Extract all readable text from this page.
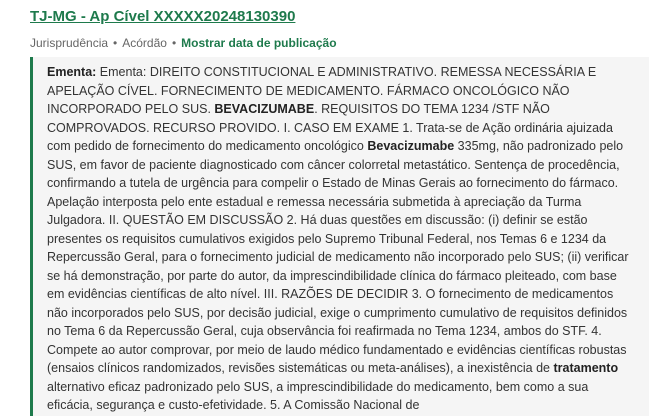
TJ-MG - Ap Cível XXXXX20248130390
Jurisprudência • Acórdão • Mostrar data de publicação

Ementa: Ementa: DIREITO CONSTITUCIONAL E ADMINISTRATIVO. REMESSA NECESSÁRIA E APELAÇÃO CÍVEL. FORNECIMENTO DE MEDICAMENTO. FÁRMACO ONCOLÓGICO NÃO INCORPORADO PELO SUS. BEVACIZUMABE. REQUISITOS DO TEMA 1234 /STF NÃO COMPROVADOS. RECURSO PROVIDO. I. CASO EM EXAME 1. Trata-se de Ação ordinária ajuizada com pedido de fornecimento do medicamento oncológico Bevacizumabe 335mg, não padronizado pelo SUS, em favor de paciente diagnosticado com câncer colorretal metastático. Sentença de procedência, confirmando a tutela de urgência para compelir o Estado de Minas Gerais ao fornecimento do fármaco. Apelação interposta pelo ente estadual e remessa necessária submetida à apreciação da Turma Julgadora. II. QUESTÃO EM DISCUSSÃO 2. Há duas questões em discussão: (i) definir se estão presentes os requisitos cumulativos exigidos pelo Supremo Tribunal Federal, nos Temas 6 e 1234 da Repercussão Geral, para o fornecimento judicial de medicamento não incorporado pelo SUS; (ii) verificar se há demonstração, por parte do autor, da imprescindibilidade clínica do fármaco pleiteado, com base em evidências científicas de alto nível. III. RAZÕES DE DECIDIR 3. O fornecimento de medicamentos não incorporados pelo SUS, por decisão judicial, exige o cumprimento cumulativo de requisitos definidos no Tema 6 da Repercussão Geral, cuja observância foi reafirmada no Tema 1234, ambos do STF. 4. Compete ao autor comprovar, por meio de laudo médico fundamentado e evidências científicas robustas (ensaios clínicos randomizados, revisões sistemáticas ou meta-análises), a inexistência de tratamento alternativo eficaz padronizado pelo SUS, a imprescindibilidade do medicamento, bem como a sua eficácia, segurança e custo-efetividade. 5. A Comissão Nacional de
